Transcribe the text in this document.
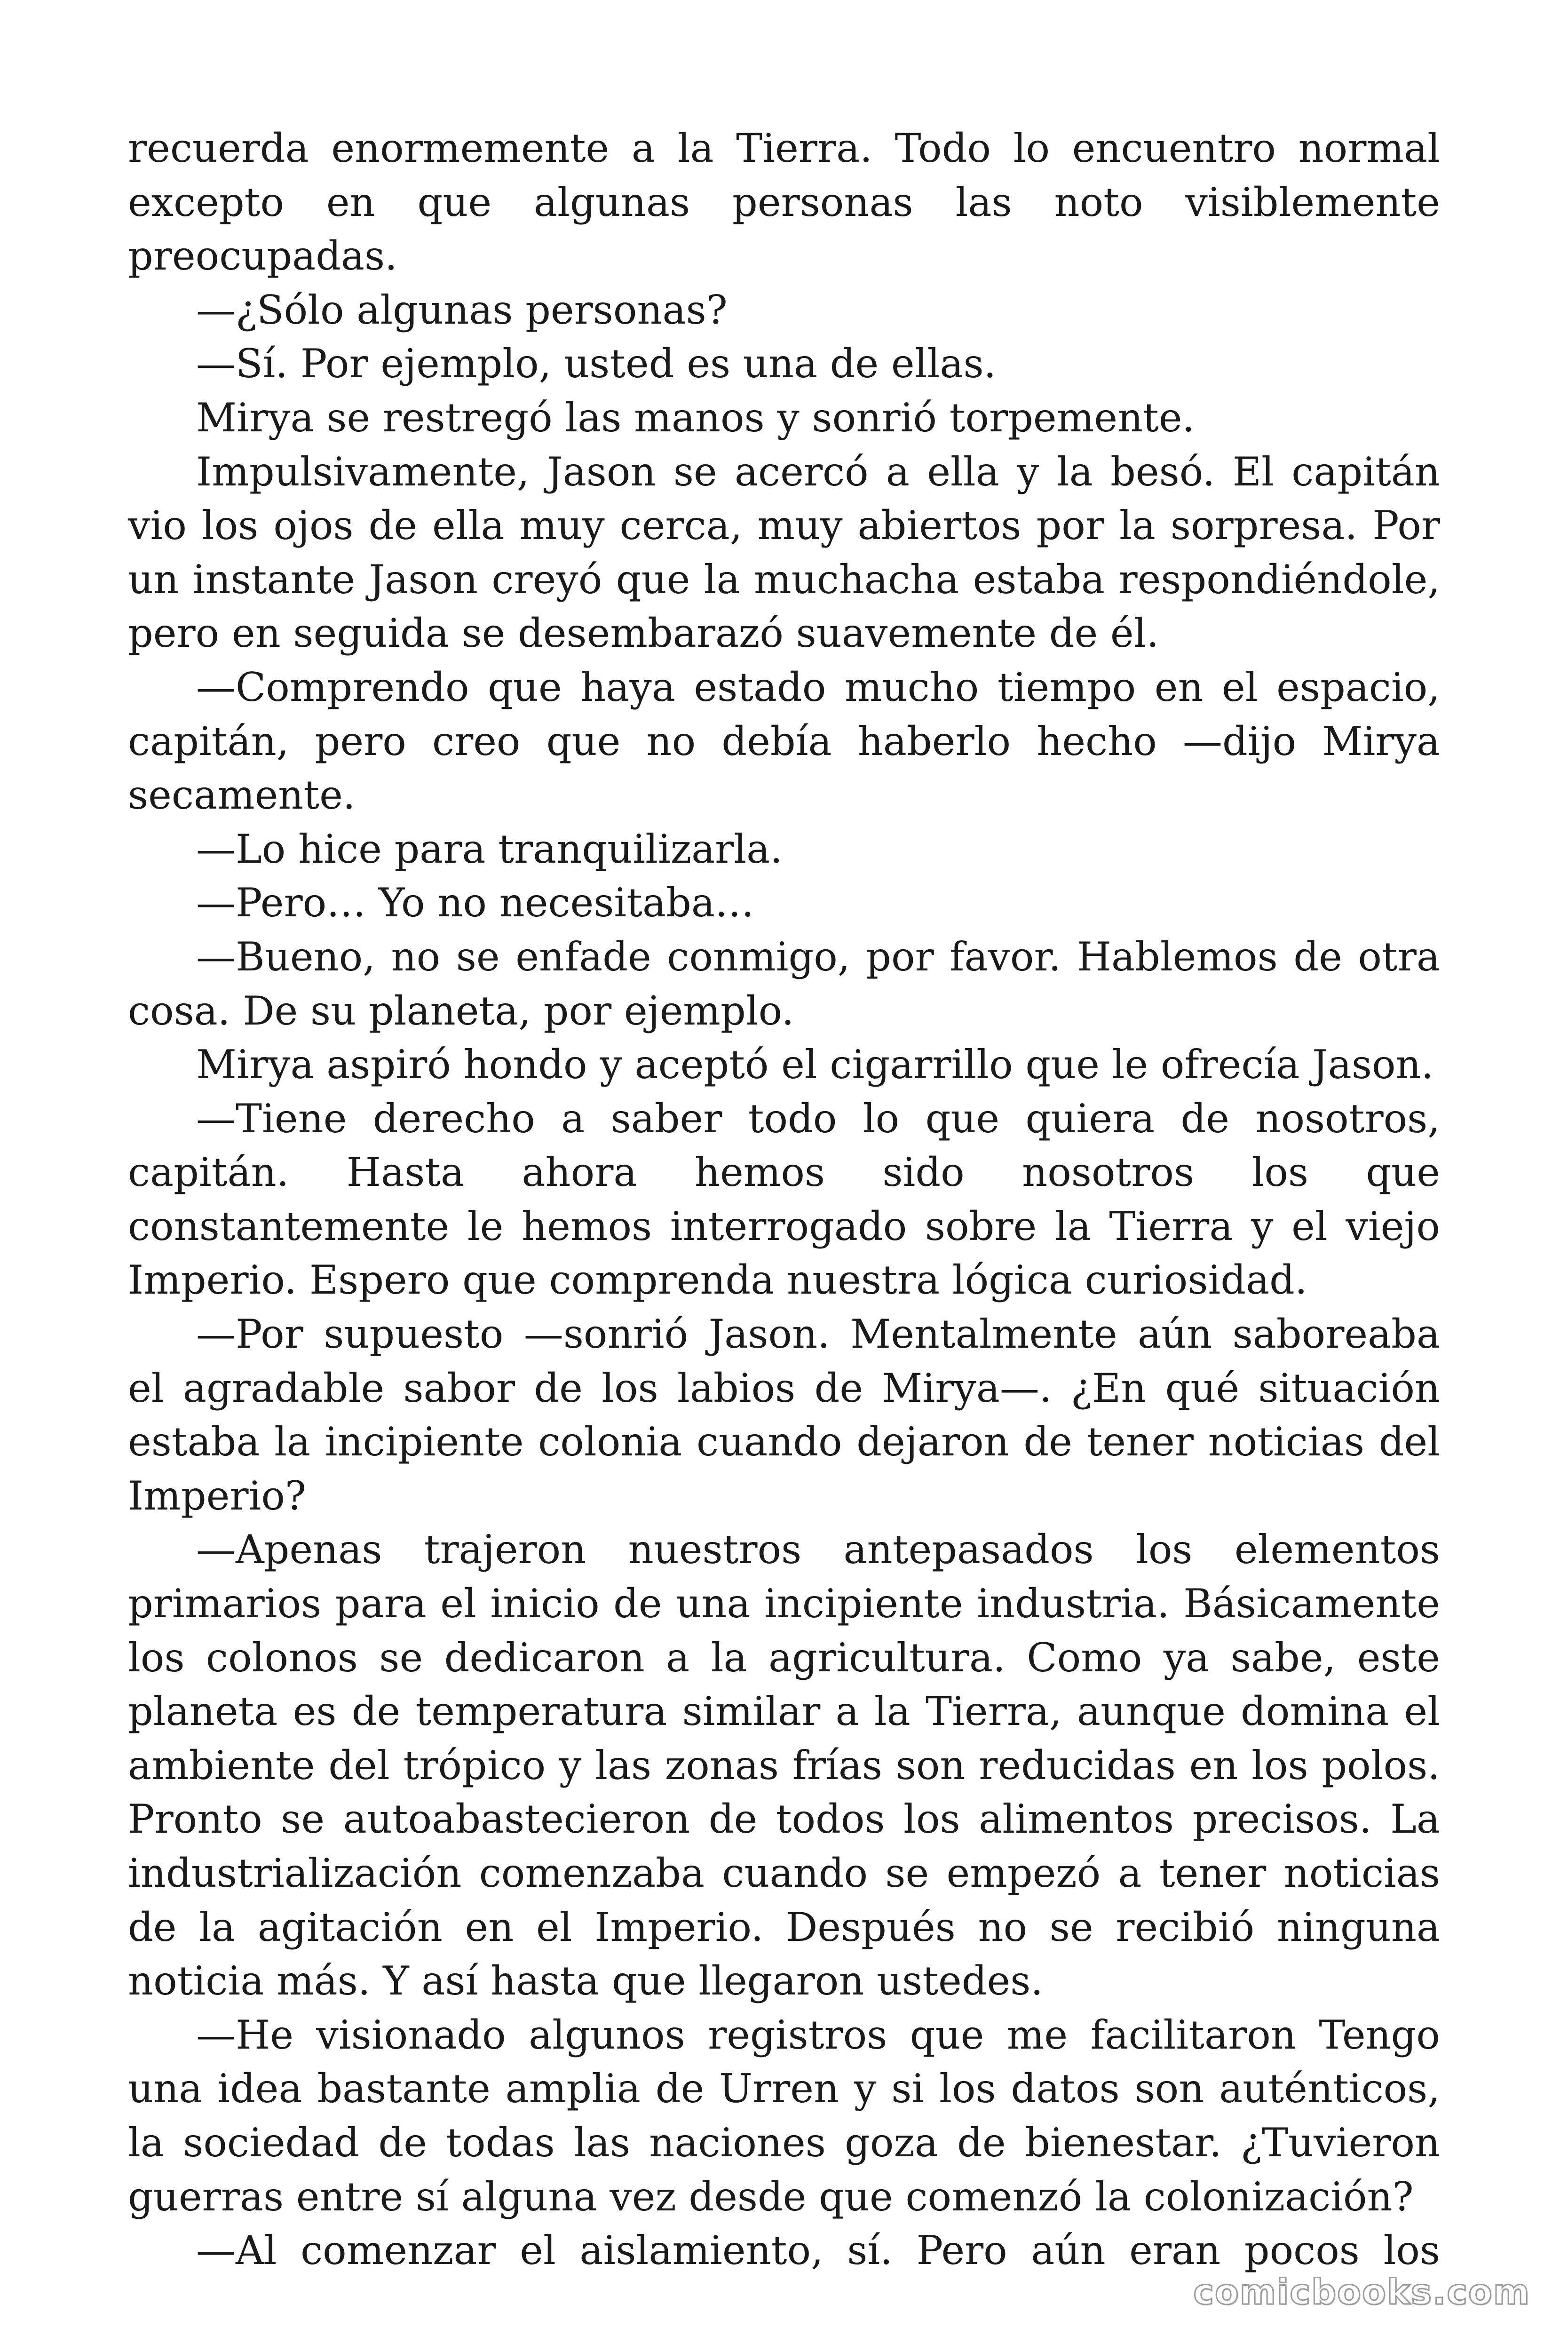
recuerda enormemente a la Tierra. Todo lo encuentro normal excepto en que algunas personas las noto visiblemente preocupadas.

—¿Sólo algunas personas?

—Sí. Por ejemplo, usted es una de ellas.

Mirya se restregó las manos y sonrió torpemente.

Impulsivamente, Jason se acercó a ella y la besó. El capitán vio los ojos de ella muy cerca, muy abiertos por la sorpresa. Por un instante Jason creyó que la muchacha estaba respondiéndole, pero en seguida se desembarazó suavemente de él.

—Comprendo que haya estado mucho tiempo en el espacio, capitán, pero creo que no debía haberlo hecho —dijo Mirya secamente.

—Lo hice para tranquilizarla.

—Pero… Yo no necesitaba…

—Bueno, no se enfade conmigo, por favor. Hablemos de otra cosa. De su planeta, por ejemplo.

Mirya aspiró hondo y aceptó el cigarrillo que le ofrecía Jason.

—Tiene derecho a saber todo lo que quiera de nosotros, capitán. Hasta ahora hemos sido nosotros los que constantemente le hemos interrogado sobre la Tierra y el viejo Imperio. Espero que comprenda nuestra lógica curiosidad.

—Por supuesto —sonrió Jason. Mentalmente aún saboreaba el agradable sabor de los labios de Mirya—. ¿En qué situación estaba la incipiente colonia cuando dejaron de tener noticias del Imperio?

—Apenas trajeron nuestros antepasados los elementos primarios para el inicio de una incipiente industria. Básicamente los colonos se dedicaron a la agricultura. Como ya sabe, este planeta es de temperatura similar a la Tierra, aunque domina el ambiente del trópico y las zonas frías son reducidas en los polos. Pronto se autoabastecieron de todos los alimentos precisos. La industrialización comenzaba cuando se empezó a tener noticias de la agitación en el Imperio. Después no se recibió ninguna noticia más. Y así hasta que llegaron ustedes.

—He visionado algunos registros que me facilitaron Tengo una idea bastante amplia de Urren y si los datos son auténticos, la sociedad de todas las naciones goza de bienestar. ¿Tuvieron guerras entre sí alguna vez desde que comenzó la colonización?

—Al comenzar el aislamiento, sí. Pero aún eran pocos los

comicbooks.com
